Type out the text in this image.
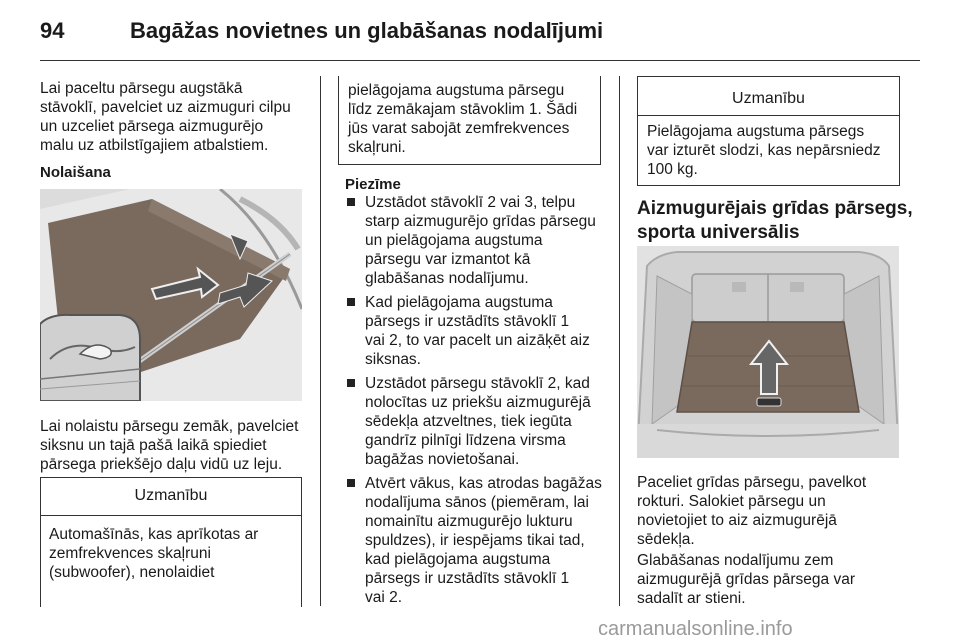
94	Bagāžas novietnes un glabāšanas nodalījumi
Lai paceltu pārsegu augstākā
stāvoklī, pavelciet uz aizmuguri cilpu
un uzceliet pārsega aizmugurējo
malu uz atbilstīgajiem atbalstiem.
Nolaišana
Lai nolaistu pārsegu zemāk, pavelciet
siksnu un tajā pašā laikā spiediet
pārsega priekšējo daļu vidū uz leju.
Uzmanību
Automašīnās, kas aprīkotas ar
zemfrekvences skaļruni
(subwoofer), nenolaidiet
pielāgojama augstuma pārsegu
līdz zemākajam stāvoklim 1. Šādi
jūs varat sabojāt zemfrekvences
skaļruni.
Piezīme
Uzstādot stāvoklī 2 vai 3, telpu
starp aizmugurējo grīdas pārsegu
un pielāgojama augstuma
pārsegu var izmantot kā
glabāšanas nodalījumu.
Kad pielāgojama augstuma
pārsegs ir uzstādīts stāvoklī 1
vai 2, to var pacelt un aizāķēt aiz
siksnas.
Uzstādot pārsegu stāvoklī 2, kad
nolocītas uz priekšu aizmugurējā
sēdekļa atzveltnes, tiek iegūta
gandrīz pilnīgi līdzena virsma
bagāžas novietošanai.
Atvērt vākus, kas atrodas bagāžas
nodalījuma sānos (piemēram, lai
nomainītu aizmugurējo lukturu
spuldzes), ir iespējams tikai tad,
kad pielāgojama augstuma
pārsegs ir uzstādīts stāvoklī 1
vai 2.
Uzmanību
Pielāgojama augstuma pārsegs
var izturēt slodzi, kas nepārsniedz
100 kg.
Aizmugurējais grīdas pārsegs,
sporta universālis
Paceliet grīdas pārsegu, pavelkot
rokturi. Salokiet pārsegu un
novietojiet to aiz aizmugurējā
sēdekļa.
Glabāšanas nodalījumu zem
aizmugurējā grīdas pārsega var
sadalīt ar stieni.
carmanualsonline.info
